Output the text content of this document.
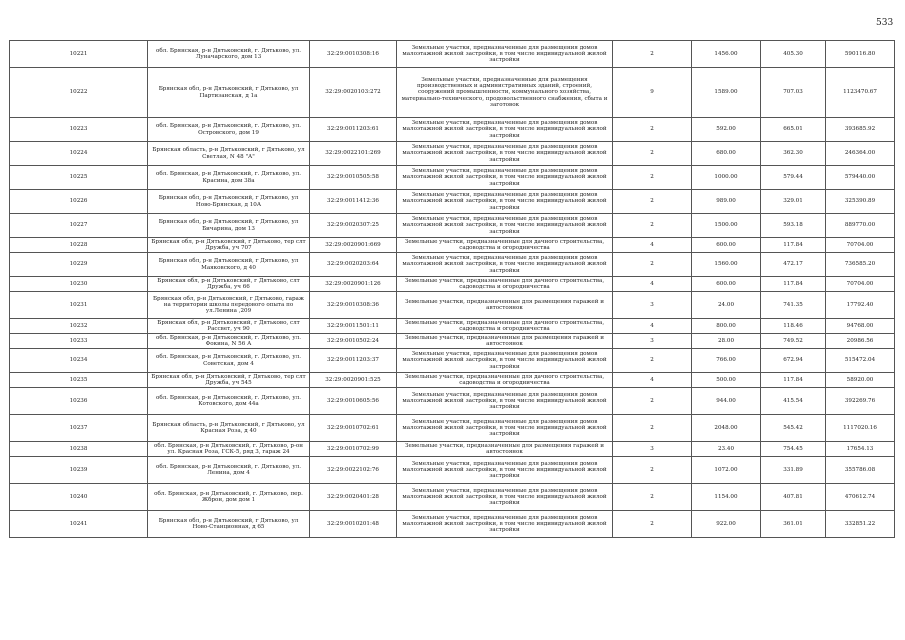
533
10221	обл. Брянская, р-н Дятьковский, г. Дятьково, ул. Луначарского, дом 13	32:29:0010308:16	Земельные участки, предназначенные для размещения домов малоэтажной жилой застройки, в том числе индивидуальной жилой застройки	2	1456.00	405.30	590116.80
10222	Брянская обл, р-н Дятьковский, г Дятьково, ул Партизанская, д 1а	32:29:0020103:272	Земельные участки, предназначенные для размещения производственных и административных зданий, строений, сооружений промышленности, коммунального хозяйства, материально-технического, продовольственного снабжения, сбыта и заготовок	9	1589.00	707.03	1123470.67
10223	обл. Брянская, р-н Дятьковский, г. Дятьково, ул. Островского, дом 19	32:29:0011203:61	Земельные участки, предназначенные для размещения домов малоэтажной жилой застройки, в том числе индивидуальной жилой застройки	2	592.00	665.01	393685.92
10224	Брянская область, р-н Дятьковский, г Дятьково, ул Светлая, N 48 "А"	32:29:0022101:269	Земельные участки, предназначенные для размещения домов малоэтажной жилой застройки, в том числе индивидуальной жилой застройки	2	680.00	362.30	246364.00
10225	обл. Брянская, р-н Дятьковский, г. Дятьково, ул. Красина, дом 38а	32:29:0010505:58	Земельные участки, предназначенные для размещения домов малоэтажной жилой застройки, в том числе индивидуальной жилой застройки	2	1000.00	579.44	579440.00
10226	Брянская обл, р-н Дятьковский, г Дятьково, ул Ново-Брянская, д 10А	32:29:0011412:36	Земельные участки, предназначенные для размещения домов малоэтажной жилой застройки, в том числе индивидуальной жилой застройки	2	989.00	329.01	325390.89
10227	Брянская обл, р-н Дятьковский, г Дятьково, ул Бичарина, дом 13	32:29:0020307:25	Земельные участки, предназначенные для размещения домов малоэтажной жилой застройки, в том числе индивидуальной жилой застройки	2	1500.00	593.18	889770.00
10228	Брянская обл, р-н Дятьковский, г Дятьково, тер слт Дружба, уч 707	32:29:0020901:669	Земельные участки, предназначенные для дачного строительства, садоводства и огородничества	4	600.00	117.84	70704.00
10229	Брянская обл, р-н Дятьковский, г Дятьково, ул Маяковского, д 40	32:29:0020203:64	Земельные участки, предназначенные для размещения домов малоэтажной жилой застройки, в том числе индивидуальной жилой застройки	2	1560.00	472.17	736585.20
10230	Брянская обл, р-н Дятьковский, г Дятьково, слт Дружба, уч 66	32:29:0020901:126	Земельные участки, предназначенные для дачного строительства, садоводства и огородничества	4	600.00	117.84	70704.00
10231	Брянская обл, р-н Дятьковский, г Дятьково, гараж на территории школы передового опыта по ул.Ленина ,209	32:29:0010308:36	Земельные участки, предназначенные для размещения гаражей и автостоянок	3	24.00	741.35	17792.40
10232	Брянская обл, р-н Дятьковский, г Дятьково, слт Рассвет, уч 90	32:29:0011501:11	Земельные участки, предназначенные для дачного строительства, садоводства и огородничества	4	800.00	118.46	94768.00
10233	обл. Брянская, р-н Дятьковский, г. Дятьково, ул. Фокина, N 56 А	32:29:0010502:24	Земельные участки, предназначенные для размещения гаражей и автостоянок	3	28.00	749.52	20986.56
10234	обл. Брянская, р-н Дятьковский, г. Дятьково, ул. Советская, дом 4	32:29:0011203:37	Земельные участки, предназначенные для размещения домов малоэтажной жилой застройки, в том числе индивидуальной жилой застройки	2	766.00	672.94	515472.04
10235	Брянская обл, р-н Дятьковский, г Дятьково, тер слт Дружба, уч 545	32:29:0020901:525	Земельные участки, предназначенные для дачного строительства, садоводства и огородничества	4	500.00	117.84	58920.00
10236	обл. Брянская, р-н Дятьковский, г. Дятьково, ул. Котовского, дом 44а	32:29:0010605:56	Земельные участки, предназначенные для размещения домов малоэтажной жилой застройки, в том числе индивидуальной жилой застройки	2	944.00	415.54	392269.76
10237	Брянская область, р-н Дятьковский, г Дятьково, ул Красная Роза, д 40	32:29:0010702:61	Земельные участки, предназначенные для размещения домов малоэтажной жилой застройки, в том числе индивидуальной жилой застройки	2	2048.00	545.42	1117020.16
10238	обл. Брянская, р-н Дятьковский, г. Дятьково, р-он ул. Красная Роза, ГСК-5, ряд 3, гараж 24	32:29:0010702:99	Земельные участки, предназначенные для размещения гаражей и автостоянок	3	23.40	754.45	17654.13
10239	обл. Брянская, р-н Дятьковский, г. Дятьково, ул. Ленина, дом 4	32:29:0022102:76	Земельные участки, предназначенные для размещения домов малоэтажной жилой застройки, в том числе индивидуальной жилой застройки	2	1072.00	331.89	355786.08
10240	обл. Брянская, р-н Дятьковский, г. Дятьково, пер. Жброн, дом дом 1	32:29:0020401:28	Земельные участки, предназначенные для размещения домов малоэтажной жилой застройки, в том числе индивидуальной жилой застройки	2	1154.00	407.81	470612.74
10241	Брянская обл, р-н Дятьковский, г Дятьково, ул Ново-Станционная, д 65	32:29:0010201:48	Земельные участки, предназначенные для размещения домов малоэтажной жилой застройки, в том числе индивидуальной жилой застройки	2	922.00	361.01	332851.22
